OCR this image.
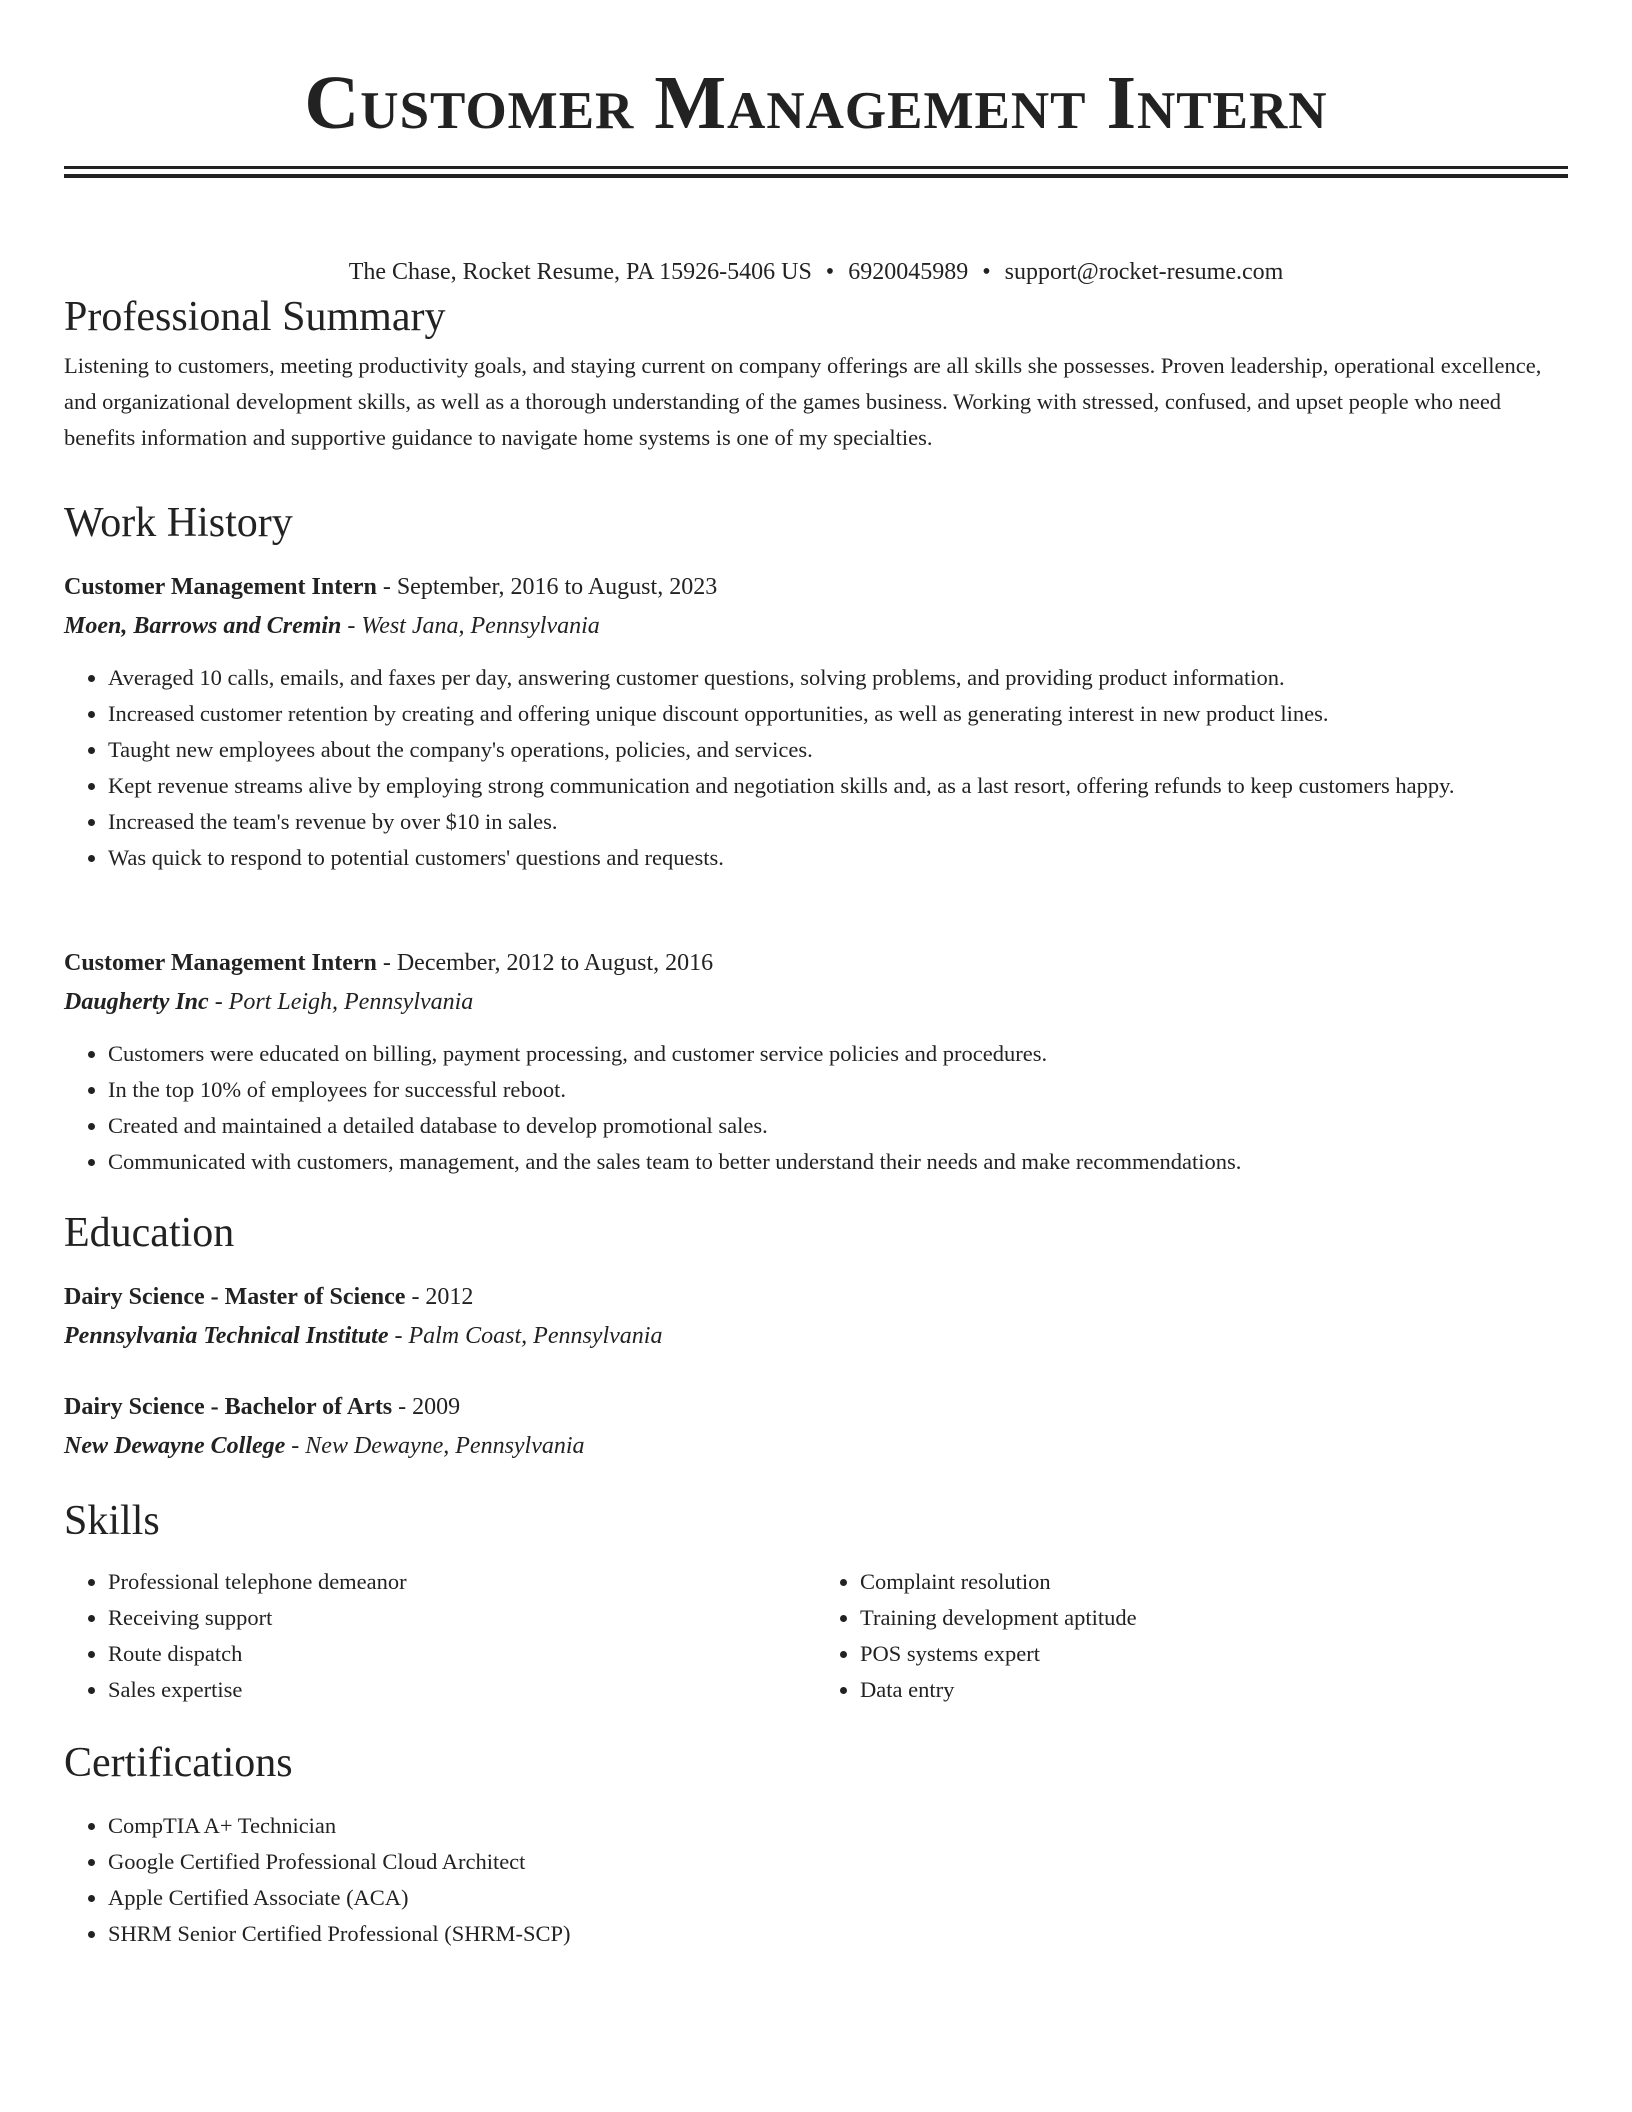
Customer Management Intern
The Chase, Rocket Resume, PA 15926-5406 US • 6920045989 • support@rocket-resume.com
Professional Summary

Listening to customers, meeting productivity goals, and staying current on company offerings are all skills she possesses. Proven leadership, operational excellence, and organizational development skills, as well as a thorough understanding of the games business. Working with stressed, confused, and upset people who need benefits information and supportive guidance to navigate home systems is one of my specialties.

Work History
Customer Management Intern - September, 2016 to August, 2023
Moen, Barrows and Cremin - West Jana, Pennsylvania
• Averaged 10 calls, emails, and faxes per day, answering customer questions, solving problems, and providing product information.
• Increased customer retention by creating and offering unique discount opportunities, as well as generating interest in new product lines.
• Taught new employees about the company's operations, policies, and services.
• Kept revenue streams alive by employing strong communication and negotiation skills and, as a last resort, offering refunds to keep customers happy.
• Increased the team's revenue by over $10 in sales.
• Was quick to respond to potential customers' questions and requests.
Customer Management Intern - December, 2012 to August, 2016
Daugherty Inc - Port Leigh, Pennsylvania
• Customers were educated on billing, payment processing, and customer service policies and procedures.
• In the top 10% of employees for successful reboot.
• Created and maintained a detailed database to develop promotional sales.
• Communicated with customers, management, and the sales team to better understand their needs and make recommendations.
Education
Dairy Science - Master of Science - 2012
Pennsylvania Technical Institute - Palm Coast, Pennsylvania
Dairy Science - Bachelor of Arts - 2009
New Dewayne College - New Dewayne, Pennsylvania
Skills
• Professional telephone demeanor
• Receiving support
• Route dispatch
• Sales expertise
• Complaint resolution
• Training development aptitude
• POS systems expert
• Data entry
Certifications
• CompTIA A+ Technician
• Google Certified Professional Cloud Architect
• Apple Certified Associate (ACA)
• SHRM Senior Certified Professional (SHRM-SCP)
